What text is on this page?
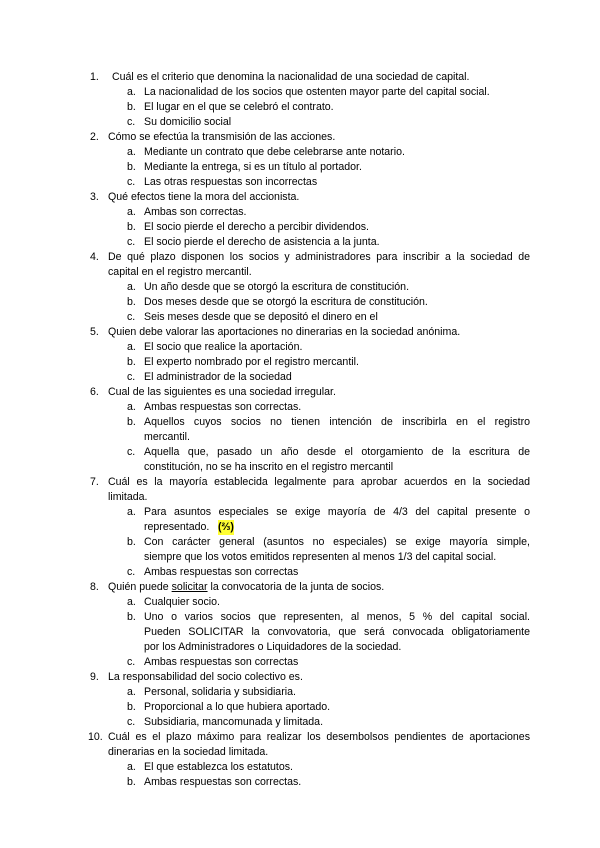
1. Cuál es el criterio que denomina la nacionalidad de una sociedad de capital.
a. La nacionalidad de los socios que ostenten mayor parte del capital social.
b. El lugar en el que se celebró el contrato.
c. Su domicilio social
2. Cómo se efectúa la transmisión de las acciones.
a. Mediante un contrato que debe celebrarse ante notario.
b. Mediante la entrega, si es un título al portador.
c. Las otras respuestas son incorrectas
3. Qué efectos tiene la mora del accionista.
a. Ambas son correctas.
b. El socio pierde el derecho a percibir dividendos.
c. El socio pierde el derecho de asistencia a la junta.
4. De qué plazo disponen los socios y administradores para inscribir a la sociedad de
capital en el registro mercantil.
a. Un año desde que se otorgó la escritura de constitución.
b. Dos meses desde que se otorgó la escritura de constitución.
c. Seis meses desde que se depositó el dinero en el
5. Quien debe valorar las aportaciones no dinerarias en la sociedad anónima.
a. El socio que realice la aportación.
b. El experto nombrado por el registro mercantil.
c. El administrador de la sociedad
6. Cual de las siguientes es una sociedad irregular.
a. Ambas respuestas son correctas.
b. Aquellos cuyos socios no tienen intención de inscribirla en el registro
mercantil.
c. Aquella que, pasado un año desde el otorgamiento de la escritura de
constitución, no se ha inscrito en el registro mercantil
7. Cuál es la mayoría establecida legalmente para aprobar acuerdos en la sociedad
limitada.
a. Para asuntos especiales se exige mayoría de 4/3 del capital presente o
representado. (⅔)
b. Con carácter general (asuntos no especiales) se exige mayoría simple,
siempre que los votos emitidos representen al menos 1/3 del capital social.
c. Ambas respuestas son correctas
8. Quién puede solicitar la convocatoria de la junta de socios.
a. Cualquier socio.
b. Uno o varios socios que representen, al menos, 5 % del capital social.
Pueden SOLICITAR la convovatoria, que será convocada obligatoriamente
por los Administradores o Liquidadores de la sociedad.
c. Ambas respuestas son correctas
9. La responsabilidad del socio colectivo es.
a. Personal, solidaria y subsidiaria.
b. Proporcional a lo que hubiera aportado.
c. Subsidiaria, mancomunada y limitada.
10. Cuál es el plazo máximo para realizar los desembolsos pendientes de aportaciones
dinerarias en la sociedad limitada.
a. El que establezca los estatutos.
b. Ambas respuestas son correctas.
